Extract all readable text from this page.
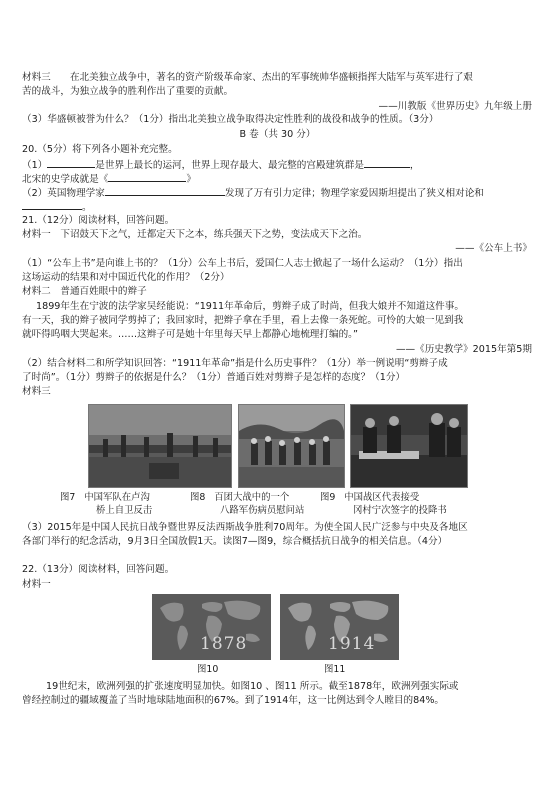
材料三　　在北美独立战争中，著名的资产阶级革命家、杰出的军事统帅华盛顿指挥大陆军与英军进行了艰
苦的战斗，为独立战争的胜利作出了重要的贡献。
——川教版《世界历史》九年级上册
（3）华盛顿被誉为什么？（1分）指出北美独立战争取得决定性胜利的战役和战争的性质。（3分）
B 卷（共 30 分）
20.（5分）将下列各小题补充完整。
（1）	是世界上最长的运河，世界上现存最大、最完整的宫殿建筑群是	，
北宋的史学成就是《	》
（2）英国物理学家	发现了万有引力定律；物理学家爱因斯坦提出了狭义相对论和
。
21.（12分）阅读材料，回答问题。
材料一　下诏鼓天下之气，迁都定天下之本，练兵强天下之势，变法成天下之治。
——《公车上书》
（1）“公车上书”是向谁上书的？（1分）公车上书后，爱国仁人志士掀起了一场什么运动？（1分）指出
这场运动的结果和对中国近代化的作用？（2分）
材料二　普通百姓眼中的辫子
1899年生在宁波的法学家吴经能说：“1911年革命后，剪辫子成了时尚，但我大娘并不知道这件事。
有一天，我的辫子被同学剪掉了；我回家时，把辫子拿在手里，看上去像一条死蛇。可怜的大娘一见到我
就吓得呜咽大哭起来。……这辫子可是她十年里每天早上都静心地梳理打编的。”
——《历史教学》2015年第5期
（2）结合材料二和所学知识回答：“1911年革命”指是什么历史事件？（1分）举一例说明“剪辫子成
了时尚”。（1分）剪辫子的依据是什么？（1分）普通百姓对剪辫子是怎样的态度？（1分）
材料三
图7 中国军队在卢沟
桥上自卫反击
图8 百团大战中的一个
八路军伤病员慰问站
图9 中国战区代表接受
冈村宁次签字的投降书
（3）2015年是中国人民抗日战争暨世界反法西斯战争胜利70周年。为使全国人民广泛参与中央及各地区
各部门举行的纪念活动，9月3日全国放假1天。读图7—图9，综合概括抗日战争的相关信息。（4分）
22.（13分）阅读材料，回答问题。
材料一
1878	1914
图10	图11
19世纪末，欧洲列强的扩张速度明显加快。如图10 、图11 所示。截至1878年，欧洲列强实际或
曾经控制过的疆域覆盖了当时地球陆地面积的67%。到了1914年，这一比例达到令人瞠目的84%。
